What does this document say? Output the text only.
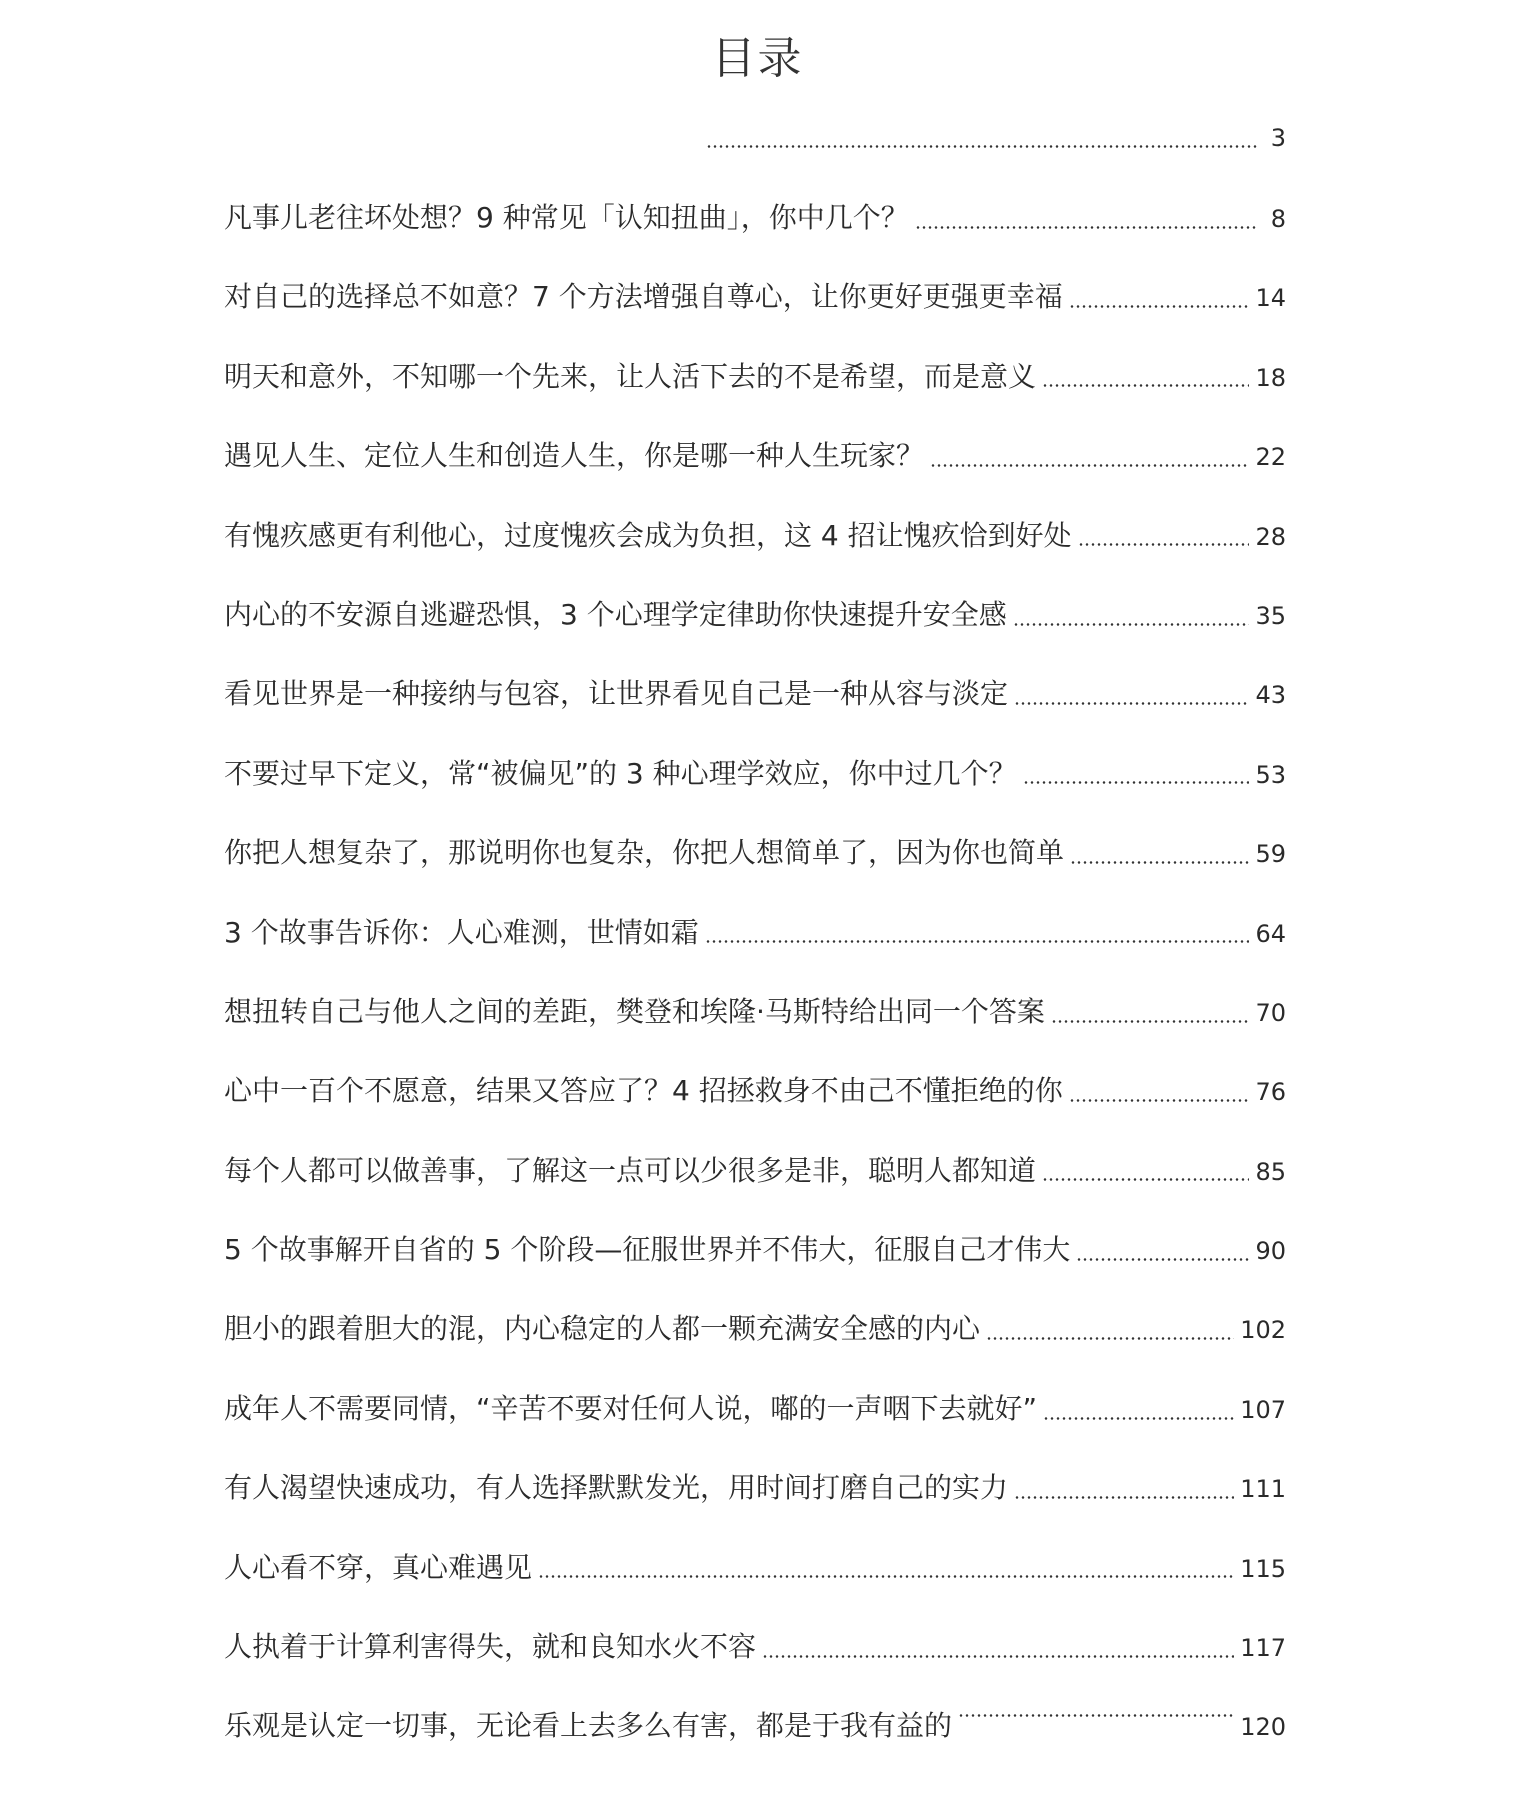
目录
3
凡事儿老往坏处想？9 种常见「认知扭曲」，你中几个？	8
对自己的选择总不如意？7 个方法增强自尊心，让你更好更强更幸福	14
明天和意外，不知哪一个先来，让人活下去的不是希望，而是意义	18
遇见人生、定位人生和创造人生，你是哪一种人生玩家？	22
有愧疚感更有利他心，过度愧疚会成为负担，这 4 招让愧疚恰到好处	28
内心的不安源自逃避恐惧，3 个心理学定律助你快速提升安全感	35
看见世界是一种接纳与包容，让世界看见自己是一种从容与淡定	43
不要过早下定义，常“被偏见”的 3 种心理学效应，你中过几个？	53
你把人想复杂了，那说明你也复杂，你把人想简单了，因为你也简单	59
3 个故事告诉你：人心难测，世情如霜	64
想扭转自己与他人之间的差距，樊登和埃隆·马斯特给出同一个答案	70
心中一百个不愿意，结果又答应了？4 招拯救身不由己不懂拒绝的你	76
每个人都可以做善事，了解这一点可以少很多是非，聪明人都知道	85
5 个故事解开自省的 5 个阶段—征服世界并不伟大，征服自己才伟大	90
胆小的跟着胆大的混，内心稳定的人都一颗充满安全感的内心	102
成年人不需要同情，“辛苦不要对任何人说，嘟的一声咽下去就好”	107
有人渴望快速成功，有人选择默默发光，用时间打磨自己的实力	111
人心看不穿，真心难遇见	115
人执着于计算利害得失，就和良知水火不容	117
乐观是认定一切事，无论看上去多么有害，都是于我有益的	120
